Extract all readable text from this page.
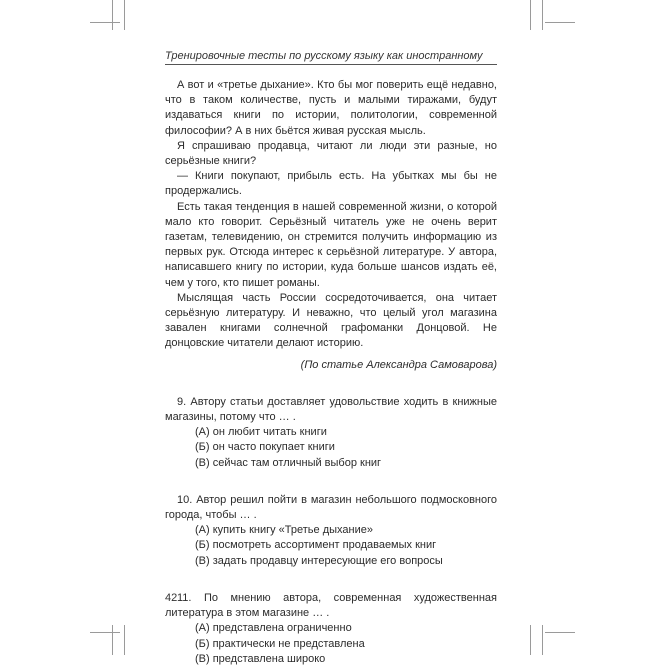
Тренировочные тесты по русскому языку как иностранному

А вот и «третье дыхание». Кто бы мог поверить ещё недавно, что в таком количестве, пусть и малыми тиражами, будут издаваться книги по истории, политологии, современной философии? А в них бьётся живая русская мысль.

Я спрашиваю продавца, читают ли люди эти разные, но серьёзные книги?

— Книги покупают, прибыль есть. На убытках мы бы не продержались.

Есть такая тенденция в нашей современной жизни, о которой мало кто говорит. Серьёзный читатель уже не очень верит газетам, телевидению, он стремится получить информацию из первых рук. Отсюда интерес к серьёзной литературе. У автора, написавшего книгу по истории, куда больше шансов издать её, чем у того, кто пишет романы.

Мыслящая часть России сосредоточивается, она читает серьёзную литературу. И неважно, что целый угол магазина завален книгами солнечной графоманки Донцовой. Не донцовские читатели делают историю.

(По статье Александра Самоварова)
9. Автору статьи доставляет удовольствие ходить в книжные магазины, потому что … .
(А) он любит читать книги
(Б) он часто покупает книги
(В) сейчас там отличный выбор книг
10. Автор решил пойти в магазин небольшого подмосковного города, чтобы … .
(А) купить книгу «Третье дыхание»
(Б) посмотреть ассортимент продаваемых книг
(В) задать продавцу интересующие его вопросы
11. По мнению автора, современная художественная литература в этом магазине … .
(А) представлена ограниченно
(Б) практически не представлена
(В) представлена широко
42
